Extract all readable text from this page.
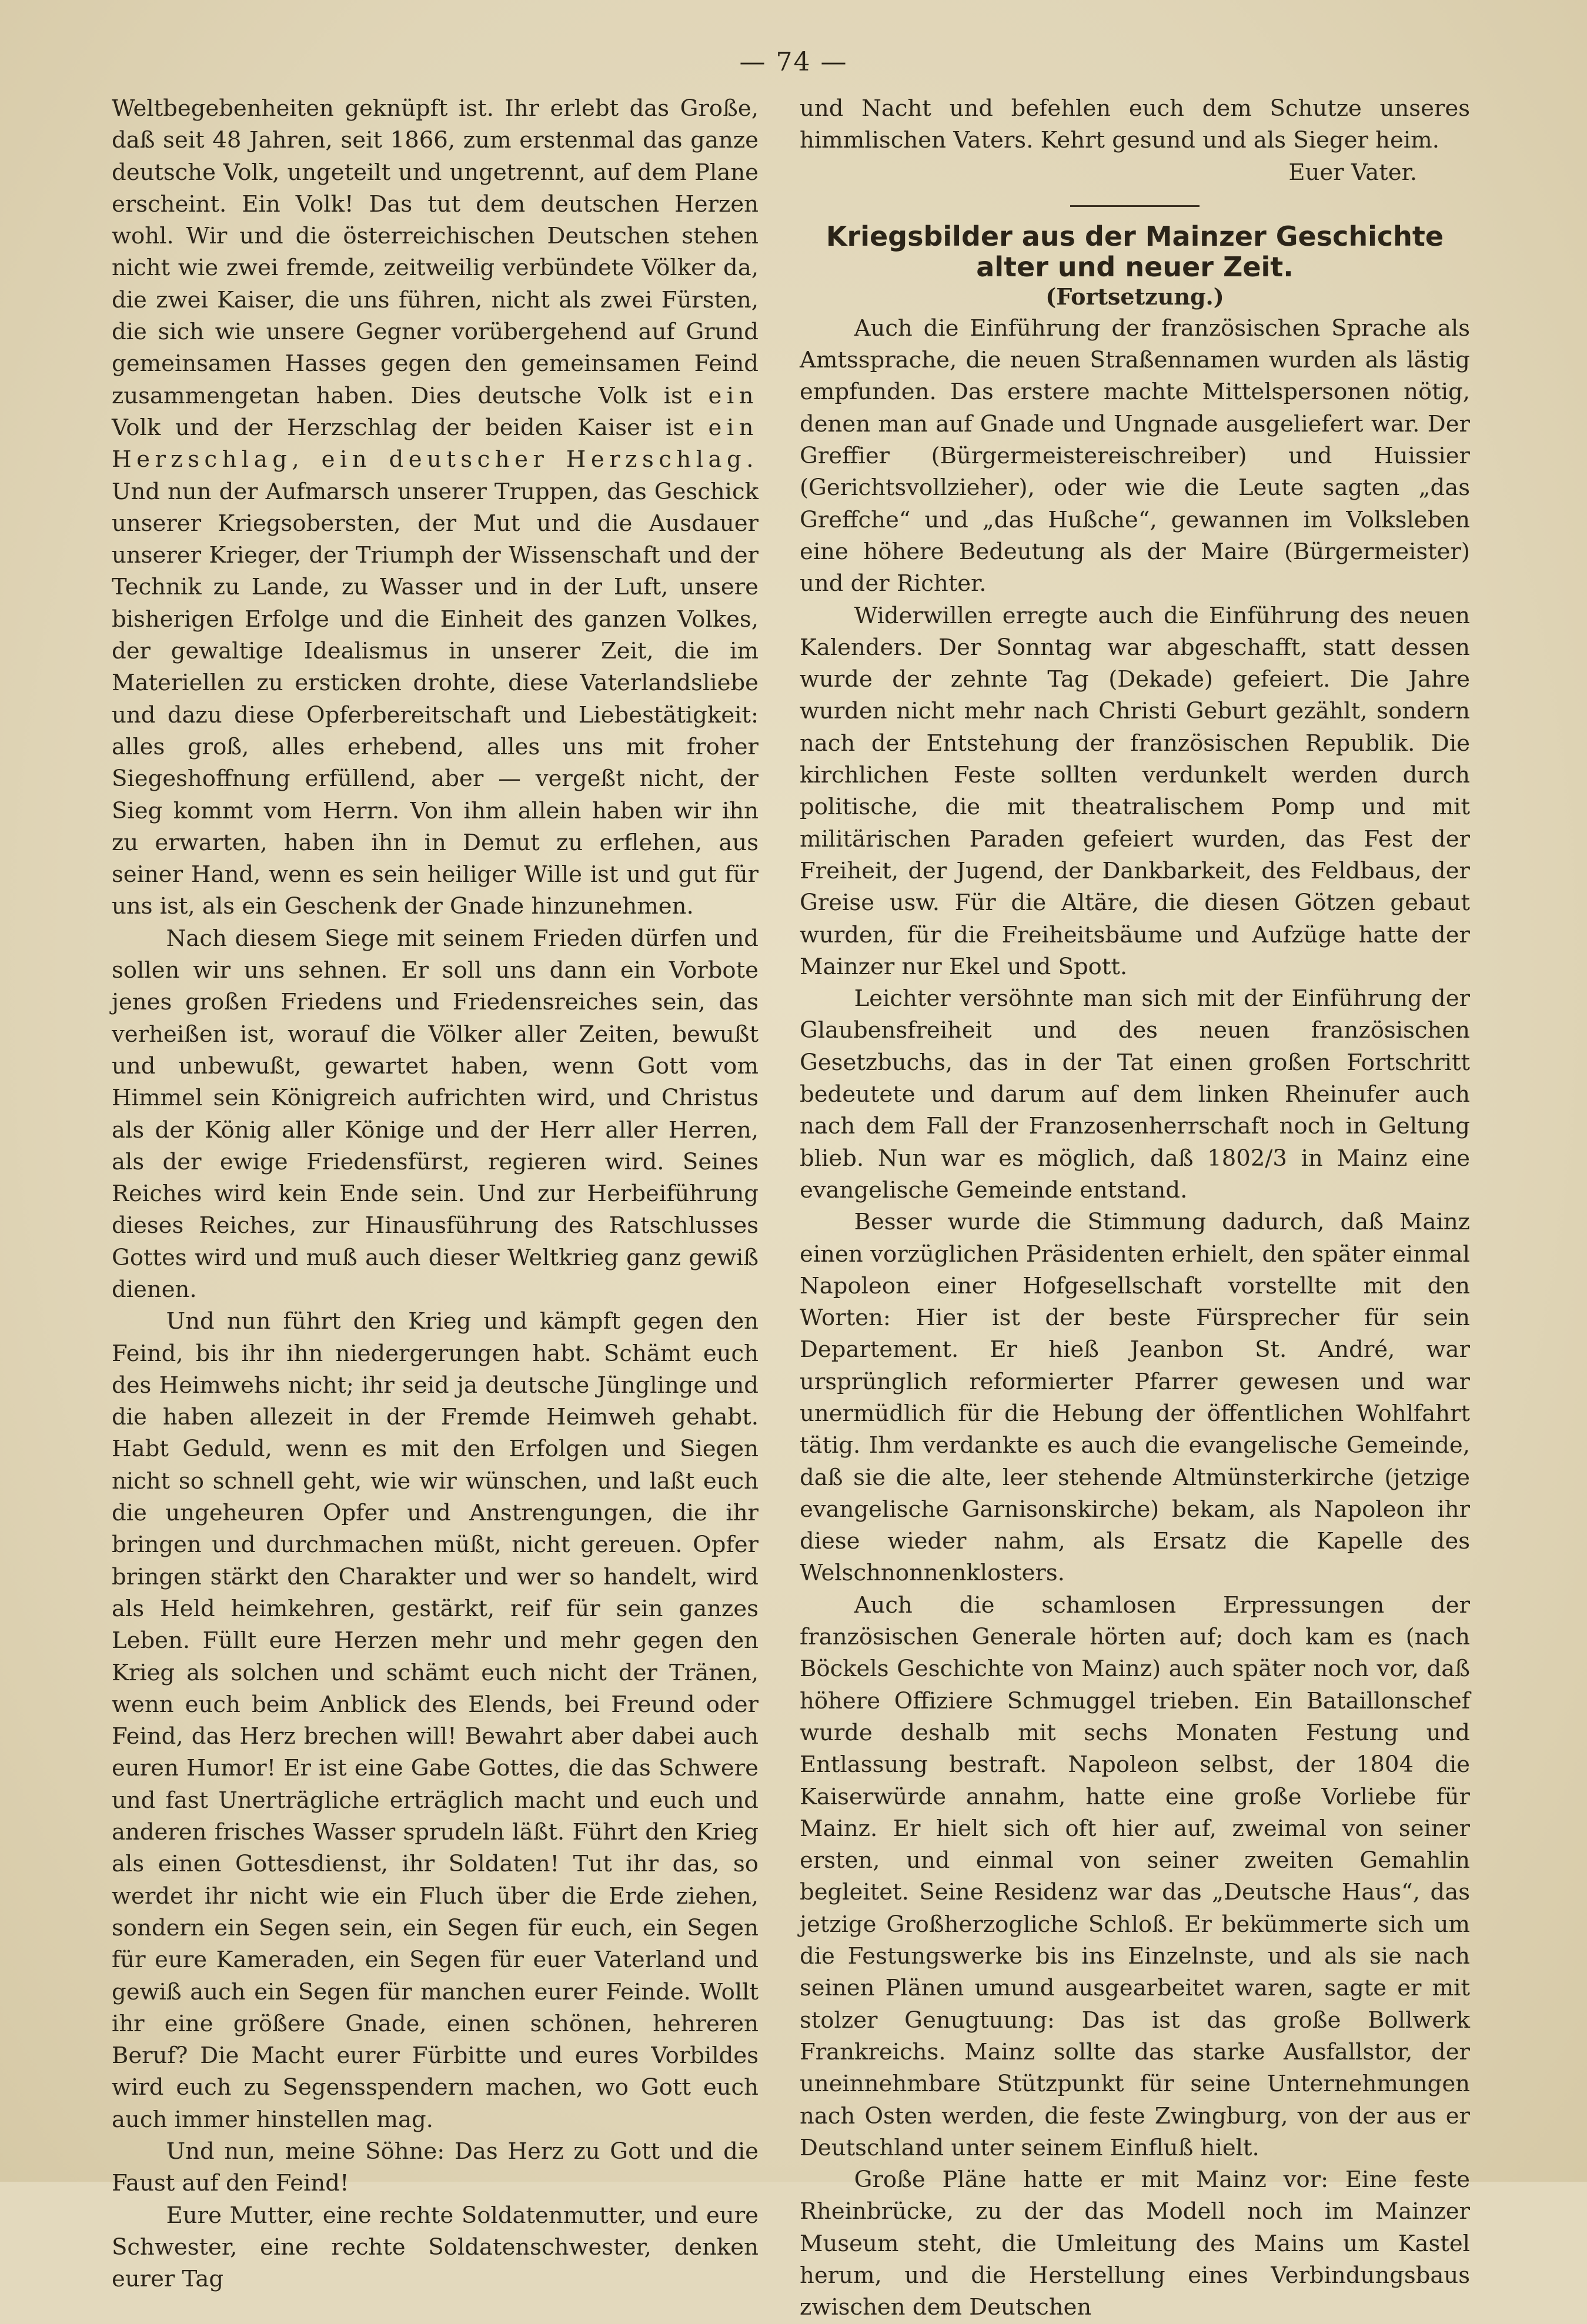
— 74 —

Weltbegebenheiten geknüpft ist. Ihr erlebt das Große, daß seit 48 Jahren, seit 1866, zum erstenmal das ganze deutsche Volk, ungeteilt und ungetrennt, auf dem Plane erscheint. Ein Volk! Das tut dem deutschen Herzen wohl. Wir und die österreichischen Deutschen stehen nicht wie zwei fremde, zeitweilig verbündete Völker da, die zwei Kaiser, die uns führen, nicht als zwei Fürsten, die sich wie unsere Gegner vorübergehend auf Grund gemeinsamen Hasses gegen den gemeinsamen Feind zusammengetan haben. Dies deutsche Volk ist ein Volk und der Herzschlag der beiden Kaiser ist ein Herzschlag, ein deutscher Herzschlag. Und nun der Aufmarsch unserer Truppen, das Geschick unserer Kriegsobersten, der Mut und die Ausdauer unserer Krieger, der Triumph der Wissenschaft und der Technik zu Lande, zu Wasser und in der Luft, unsere bisherigen Erfolge und die Einheit des ganzen Volkes, der gewaltige Idealismus in unserer Zeit, die im Materiellen zu ersticken drohte, diese Vaterlandsliebe und dazu diese Opferbereitschaft und Liebestätigkeit: alles groß, alles erhebend, alles uns mit froher Siegeshoffnung erfüllend, aber — vergeßt nicht, der Sieg kommt vom Herrn. Von ihm allein haben wir ihn zu erwarten, haben ihn in Demut zu erflehen, aus seiner Hand, wenn es sein heiliger Wille ist und gut für uns ist, als ein Geschenk der Gnade hinzunehmen.

Nach diesem Siege mit seinem Frieden dürfen und sollen wir uns sehnen. Er soll uns dann ein Vorbote jenes großen Friedens und Friedensreiches sein, das verheißen ist, worauf die Völker aller Zeiten, bewußt und unbewußt, gewartet haben, wenn Gott vom Himmel sein Königreich aufrichten wird, und Christus als der König aller Könige und der Herr aller Herren, als der ewige Friedensfürst, regieren wird. Seines Reiches wird kein Ende sein. Und zur Herbeiführung dieses Reiches, zur Hinausführung des Ratschlusses Gottes wird und muß auch dieser Weltkrieg ganz gewiß dienen.

Und nun führt den Krieg und kämpft gegen den Feind, bis ihr ihn niedergerungen habt. Schämt euch des Heimwehs nicht; ihr seid ja deutsche Jünglinge und die haben allezeit in der Fremde Heimweh gehabt. Habt Geduld, wenn es mit den Erfolgen und Siegen nicht so schnell geht, wie wir wünschen, und laßt euch die ungeheuren Opfer und Anstrengungen, die ihr bringen und durchmachen müßt, nicht gereuen. Opfer bringen stärkt den Charakter und wer so handelt, wird als Held heimkehren, gestärkt, reif für sein ganzes Leben. Füllt eure Herzen mehr und mehr gegen den Krieg als solchen und schämt euch nicht der Tränen, wenn euch beim Anblick des Elends, bei Freund oder Feind, das Herz brechen will! Bewahrt aber dabei auch euren Humor! Er ist eine Gabe Gottes, die das Schwere und fast Unerträgliche erträglich macht und euch und anderen frisches Wasser sprudeln läßt. Führt den Krieg als einen Gottesdienst, ihr Soldaten! Tut ihr das, so werdet ihr nicht wie ein Fluch über die Erde ziehen, sondern ein Segen sein, ein Segen für euch, ein Segen für eure Kameraden, ein Segen für euer Vaterland und gewiß auch ein Segen für manchen eurer Feinde. Wollt ihr eine größere Gnade, einen schönen, hehreren Beruf? Die Macht eurer Fürbitte und eures Vorbildes wird euch zu Segensspendern machen, wo Gott euch auch immer hinstellen mag.

Und nun, meine Söhne: Das Herz zu Gott und die Faust auf den Feind!

Eure Mutter, eine rechte Soldatenmutter, und eure Schwester, eine rechte Soldatenschwester, denken eurer Tag

und Nacht und befehlen euch dem Schutze unseres himmlischen Vaters. Kehrt gesund und als Sieger heim.

Euer Vater.

Kriegsbilder aus der Mainzer Geschichte alter und neuer Zeit.
(Fortsetzung.)

Auch die Einführung der französischen Sprache als Amtssprache, die neuen Straßennamen wurden als lästig empfunden. Das erstere machte Mittelspersonen nötig, denen man auf Gnade und Ungnade ausgeliefert war. Der Greffier (Bürgermeistereischreiber) und Huissier (Gerichtsvollzieher), oder wie die Leute sagten „das Greffche“ und „das Hußche“, gewannen im Volksleben eine höhere Bedeutung als der Maire (Bürgermeister) und der Richter.

Widerwillen erregte auch die Einführung des neuen Kalenders. Der Sonntag war abgeschafft, statt dessen wurde der zehnte Tag (Dekade) gefeiert. Die Jahre wurden nicht mehr nach Christi Geburt gezählt, sondern nach der Entstehung der französischen Republik. Die kirchlichen Feste sollten verdunkelt werden durch politische, die mit theatralischem Pomp und mit militärischen Paraden gefeiert wurden, das Fest der Freiheit, der Jugend, der Dankbarkeit, des Feldbaus, der Greise usw. Für die Altäre, die diesen Götzen gebaut wurden, für die Freiheitsbäume und Aufzüge hatte der Mainzer nur Ekel und Spott.

Leichter versöhnte man sich mit der Einführung der Glaubensfreiheit und des neuen französischen Gesetzbuchs, das in der Tat einen großen Fortschritt bedeutete und darum auf dem linken Rheinufer auch nach dem Fall der Franzosenherrschaft noch in Geltung blieb. Nun war es möglich, daß 1802/3 in Mainz eine evangelische Gemeinde entstand.

Besser wurde die Stimmung dadurch, daß Mainz einen vorzüglichen Präsidenten erhielt, den später einmal Napoleon einer Hofgesellschaft vorstellte mit den Worten: Hier ist der beste Fürsprecher für sein Departement. Er hieß Jeanbon St. André, war ursprünglich reformierter Pfarrer gewesen und war unermüdlich für die Hebung der öffentlichen Wohlfahrt tätig. Ihm verdankte es auch die evangelische Gemeinde, daß sie die alte, leer stehende Altmünsterkirche (jetzige evangelische Garnisonskirche) bekam, als Napoleon ihr diese wieder nahm, als Ersatz die Kapelle des Welschnonnenklosters.

Auch die schamlosen Erpressungen der französischen Generale hörten auf; doch kam es (nach Böckels Geschichte von Mainz) auch später noch vor, daß höhere Offiziere Schmuggel trieben. Ein Bataillonschef wurde deshalb mit sechs Monaten Festung und Entlassung bestraft. Napoleon selbst, der 1804 die Kaiserwürde annahm, hatte eine große Vorliebe für Mainz. Er hielt sich oft hier auf, zweimal von seiner ersten, und einmal von seiner zweiten Gemahlin begleitet. Seine Residenz war das „Deutsche Haus“, das jetzige Großherzogliche Schloß. Er bekümmerte sich um die Festungswerke bis ins Einzelnste, und als sie nach seinen Plänen umund ausgearbeitet waren, sagte er mit stolzer Genugtuung: Das ist das große Bollwerk Frankreichs. Mainz sollte das starke Ausfallstor, der uneinnehmbare Stützpunkt für seine Unternehmungen nach Osten werden, die feste Zwingburg, von der aus er Deutschland unter seinem Einfluß hielt.

Große Pläne hatte er mit Mainz vor: Eine feste Rheinbrücke, zu der das Modell noch im Mainzer Museum steht, die Umleitung des Mains um Kastel herum, und die Herstellung eines Verbindungsbaus zwischen dem Deutschen
